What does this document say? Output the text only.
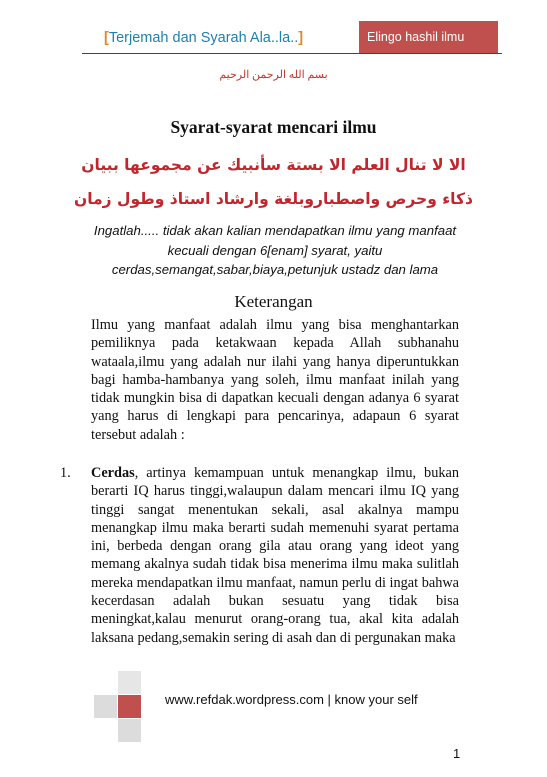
[Terjemah dan Syarah Ala..la..]	Elingo hashil ilmu
بسم الله الرحمن الرحيم
Syarat-syarat mencari ilmu
الا لا تنال العلم الا بستة سأنبيك عن مجموعها ببيان
ذكاء وحرص واصطباروبلغة وارشاد استاذ وطول زمان
Ingatlah..... tidak akan kalian mendapatkan ilmu yang manfaat kecuali dengan 6[enam] syarat, yaitu cerdas,semangat,sabar,biaya,petunjuk ustadz dan lama
Keterangan
Ilmu yang manfaat adalah ilmu yang bisa menghantarkan pemiliknya pada ketakwaan kepada Allah subhanahu wataala,ilmu yang adalah nur ilahi yang hanya diperuntukkan bagi hamba-hambanya yang soleh, ilmu manfaat inilah yang tidak mungkin bisa di dapatkan kecuali dengan adanya 6 syarat yang harus di lengkapi para pencarinya, adapaun 6 syarat tersebut adalah :
1. Cerdas, artinya kemampuan untuk menangkap ilmu, bukan berarti IQ harus tinggi,walaupun dalam mencari ilmu IQ yang tinggi sangat menentukan sekali, asal akalnya mampu menangkap ilmu maka berarti sudah memenuhi syarat pertama ini, berbeda dengan orang gila atau orang yang ideot yang memang akalnya sudah tidak bisa menerima ilmu maka sulitlah mereka mendapatkan ilmu manfaat, namun perlu di ingat bahwa kecerdasan adalah bukan sesuatu yang tidak bisa meningkat,kalau menurut orang-orang tua, akal kita adalah laksana pedang,semakin sering di asah dan di pergunakan maka
www.refdak.wordpress.com | know your self
1
